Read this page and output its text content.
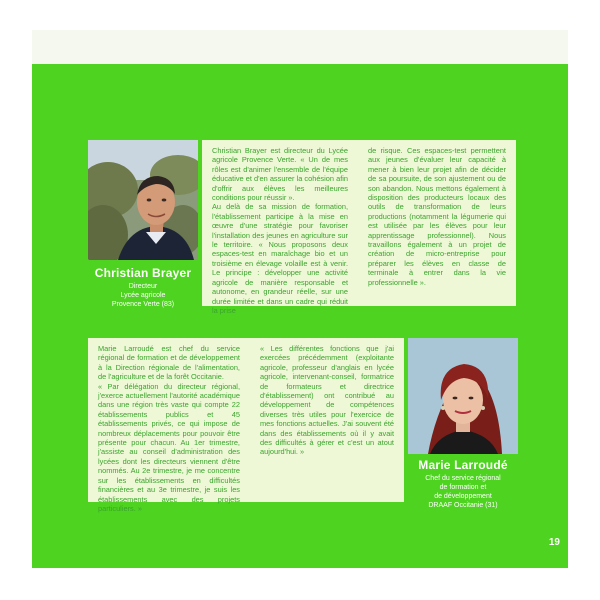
Christian Brayer
Directeur
Lycée agricole
Provence Verte (83)

Christian Brayer est directeur du Lycée agricole Provence Verte. « Un de mes rôles est d'animer l'ensemble de l'équipe éducative et d'en assurer la cohésion afin d'offrir aux élèves les meilleures conditions pour réussir ».

Au delà de sa mission de formation, l'établissement participe à la mise en œuvre d'une stratégie pour favoriser l'installation des jeunes en agriculture sur le territoire. « Nous proposons deux espaces-test en maraîchage bio et un troisième en élevage volaille est à venir. Le principe : développer une activité agricole de manière responsable et autonome, en grandeur réelle, sur une durée limitée et dans un cadre qui réduit la prise

de risque. Ces espaces-test permettent aux jeunes d'évaluer leur capacité à mener à bien leur projet afin de décider de sa poursuite, de son ajustement ou de son abandon. Nous mettons également à disposition des producteurs locaux des outils de transformation de leurs productions (notamment la légumerie qui est utilisée par les élèves pour leur apprentissage professionnel). Nous travaillons également à un projet de création de micro-entreprise pour préparer les élèves en classe de terminale à entrer dans la vie professionnelle ».

Marie Larroudé est chef du service régional de formation et de développement à la Direction régionale de l'alimentation, de l'agriculture et de la forêt Occitanie.

« Par délégation du directeur régional, j'exerce actuellement l'autorité académique dans une région très vaste qui compte 22 établissements publics et 45 établissements privés, ce qui impose de nombreux déplacements pour pouvoir être présente pour chacun. Au 1er trimestre, j'assiste au conseil d'administration des lycées dont les directeurs viennent d'être nommés. Au 2e trimestre, je me concentre sur les établissements en difficultés financières et au 3e trimestre, je suis les établissements avec des projets particuliers. »

« Les différentes fonctions que j'ai exercées précédemment (exploitante agricole, professeur d'anglais en lycée agricole, intervenant-conseil, formatrice de formateurs et directrice d'établissement) ont contribué au développement de compétences diverses très utiles pour l'exercice de mes fonctions actuelles. J'ai souvent été dans des établissements où il y avait des difficultés à gérer et c'est un atout aujourd'hui. »

Marie Larroudé
Chef du service régional
de formation et
de développement
DRAAF Occitanie (31)
19
